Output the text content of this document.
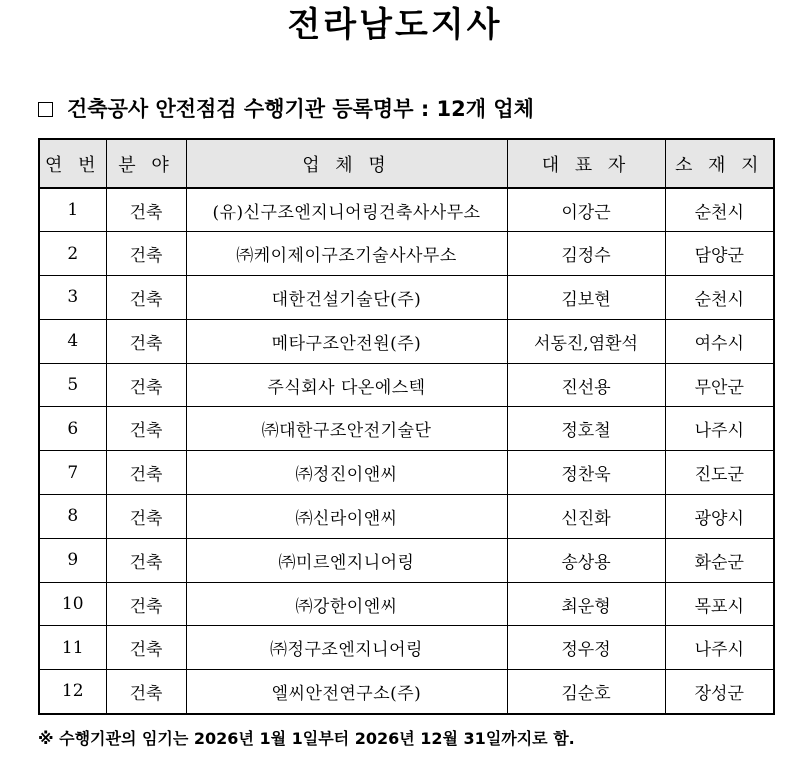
전라남도지사
건축공사 안전점검 수행기관 등록명부 : 12개 업체
연 번	분 야	업 체 명	대 표 자	소 재 지
1	건축	(유)신구조엔지니어링건축사사무소	이강근	순천시
2	건축	㈜케이제이구조기술사사무소	김정수	담양군
3	건축	대한건설기술단(주)	김보현	순천시
4	건축	메타구조안전원(주)	서동진,염환석	여수시
5	건축	주식회사 다온에스텍	진선용	무안군
6	건축	㈜대한구조안전기술단	정호철	나주시
7	건축	㈜정진이앤씨	정찬욱	진도군
8	건축	㈜신라이앤씨	신진화	광양시
9	건축	㈜미르엔지니어링	송상용	화순군
10	건축	㈜강한이엔씨	최운형	목포시
11	건축	㈜정구조엔지니어링	정우정	나주시
12	건축	엘씨안전연구소(주)	김순호	장성군
※ 수행기관의 임기는 2026년 1월 1일부터 2026년 12월 31일까지로 함.
